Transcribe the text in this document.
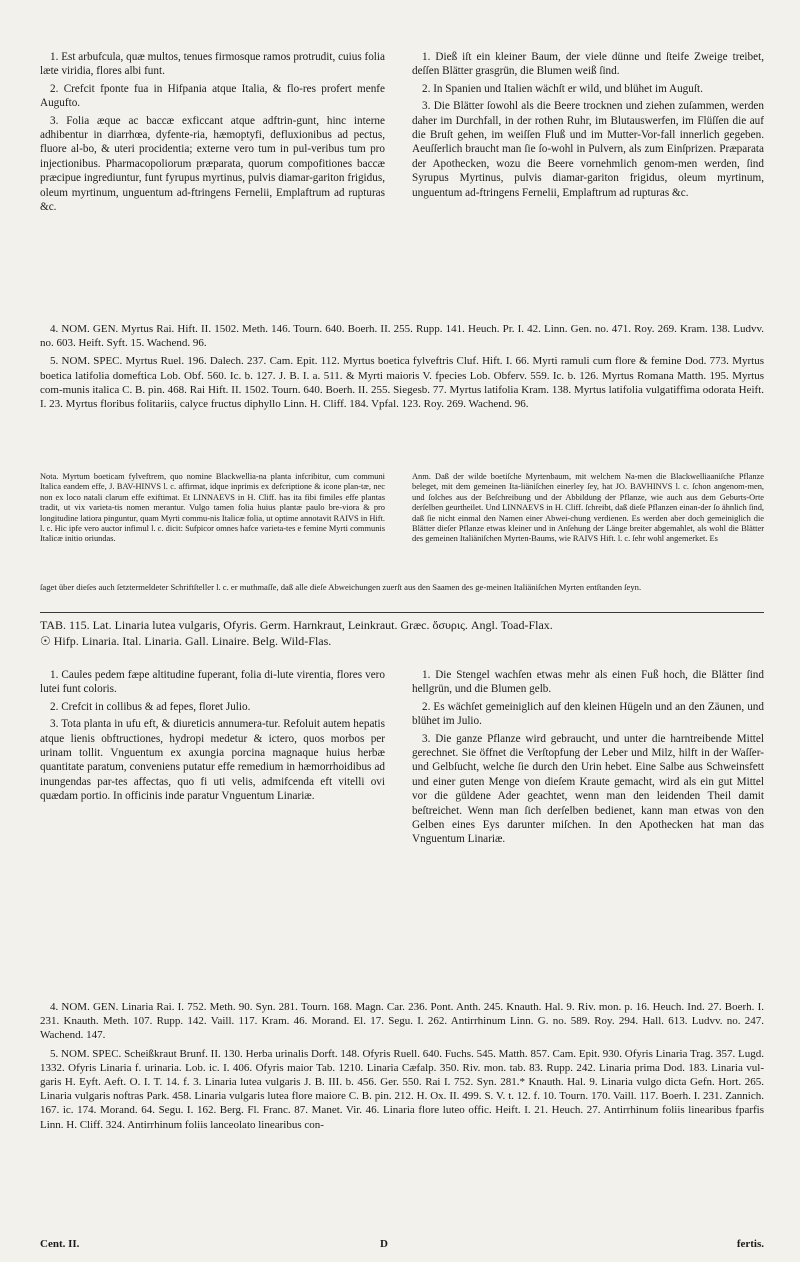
1. Est arbufcula, quæ multos, tenues firmosque ramos protrudit, cuius folia læte viridia, flores albi funt.

2. Crefcit fponte fua in Hifpania atque Italia, & flo-res profert menfe Augufto.

3. Folia æque ac baccæ exficcant atque adftrin-gunt, hinc interne adhibentur in diarrhœa, dyfente-ria, hæmoptyfi, defluxionibus ad pectus, fluore al-bo, & uteri procidentia; externe vero tum in pul-veribus tum pro injectionibus. Pharmacopoliorum præparata, quorum compofitiones baccæ præcipue ingrediuntur, funt fyrupus myrtinus, pulvis diamar-gariton frigidus, oleum myrtinum, unguentum ad-ftringens Fernelii, Emplaftrum ad rupturas &c.

1. Dieß iſt ein kleiner Baum, der viele dünne und ſteife Zweige treibet, deſſen Blätter grasgrün, die Blumen weiß ſind.

2. In Spanien und Italien wächſt er wild, und blühet im Auguſt.

3. Die Blätter ſowohl als die Beere trocknen und ziehen zuſammen, werden daher im Durchfall, in der rothen Ruhr, im Blutauswerfen, im Flüſſen die auf die Bruſt gehen, im weiſſen Fluß und im Mutter-Vor-fall innerlich gegeben. Aeuſſerlich braucht man ſie ſo-wohl in Pulvern, als zum Einſprizen. Præparata der Apothecken, wozu die Beere vornehmlich genom-men werden, ſind Syrupus Myrtinus, pulvis diamar-gariton frigidus, oleum myrtinum, unguentum ad-ftringens Fernelii, Emplaftrum ad rupturas &c.

4. NOM. GEN. Myrtus Rai. Hift. II. 1502. Meth. 146. Tourn. 640. Boerh. II. 255. Rupp. 141. Heuch. Pr. I. 42. Linn. Gen. no. 471. Roy. 269. Kram. 138. Ludvv. no. 603. Heift. Syft. 15. Wachend. 96.

5. NOM. SPEC. Myrtus Ruel. 196. Dalech. 237. Cam. Epit. 112. Myrtus boetica fylveftris Cluf. Hift. I. 66. Myrti ramuli cum flore & femine Dod. 773. Myrtus boetica latifolia domeftica Lob. Obf. 560. Ic. b. 127. J. B. I. a. 511. & Myrti maioris V. fpecies Lob. Obferv. 559. Ic. b. 126. Myrtus Romana Matth. 195. Myrtus com-munis italica C. B. pin. 468. Rai Hift. II. 1502. Tourn. 640. Boerh. II. 255. Siegesb. 77. Myrtus latifolia Kram. 138. Myrtus latifolia vulgatiffima odorata Heift. I. 23. Myrtus floribus folitariis, calyce fructus diphyllo Linn. H. Cliff. 184. Vpfal. 123. Roy. 269. Wachend. 96.

Nota. Myrtum boeticam fylveftrem, quo nomine Blackwellia-na planta infcribitur, cum communi Italica eandem effe, J. BAV-HINVS l. c. affirmat, idque inprimis ex defcriptione & icone plan-tæ, nec non ex loco natali clarum effe exiftimat. Et LINNAEVS in H. Cliff. has ita fibi fimiles effe plantas tradit, ut vix varieta-tis nomen merantur. Vulgo tamen folia huius plantæ paulo bre-viora & pro longitudine latiora pinguntur, quam Myrti commu-nis Italicæ folia, ut optime annotavit RAIVS in Hift. l. c. Hic ipfe vero auctor infimul l. c. dicit: Sufpicor omnes hafce varieta-tes e femine Myrti communis Italicæ initio oriundas.
Anm. Daß der wilde boetiſche Myrtenbaum, mit welchem Na-men die Blackwelliaaniſche Pflanze beleget, mit dem gemeinen Ita-liäniſchen einerley ſey, hat JO. BAVHINVS l. c. ſchon angenom-men, und ſolches aus der Beſchreibung und der Abbildung der Pflanze, wie auch aus dem Geburts-Orte derſelben geurtheilet. Und LINNAEVS in H. Cliff. ſchreibt, daß dieſe Pflanzen einan-der ſo ähnlich ſind, daß ſie nicht einmal den Namen einer Abwei-chung verdienen. Es werden aber doch gemeiniglich die Blätter dieſer Pflanze etwas kleiner und in Anſehung der Länge breiter abgemahlet, als wohl die Blätter des gemeinen Italiäniſchen Myrten-Baums, wie RAIVS Hift. l. c. ſehr wohl angemerket. Es
ſaget über dieſes auch ſetztermeldeter Schriftſteller l. c. er muthmaſſe, daß alle dieſe Abweichungen zuerſt aus den Saamen des ge-meinen Italiäniſchen Myrten entſtanden ſeyn.
TAB. 115. Lat. Linaria lutea vulgaris, Ofyris. Germ. Harnkraut, Leinkraut. Græc. ὄσυρις. Angl. Toad-Flax.
☉ Hifp. Linaria. Ital. Linaria. Gall. Linaire. Belg. Wild-Flas.

1. Caules pedem fæpe altitudine fuperant, folia di-lute virentia, flores vero lutei funt coloris.

2. Crefcit in collibus & ad fepes, floret Julio.

3. Tota planta in ufu eft, & diureticis annumera-tur. Refoluit autem hepatis atque lienis obftructiones, hydropi medetur & ictero, quos morbos per urinam tollit. Vnguentum ex axungia porcina magnaque huius herbæ quantitate paratum, conveniens putatur effe remedium in hæmorrhoidibus ad inungendas par-tes affectas, quo fi uti velis, admifcenda eft vitelli ovi quædam portio. In officinis inde paratur Vnguentum Linariæ.

1. Die Stengel wachſen etwas mehr als einen Fuß hoch, die Blätter ſind hellgrün, und die Blumen gelb.

2. Es wächſet gemeiniglich auf den kleinen Hügeln und an den Zäunen, und blühet im Julio.

3. Die ganze Pflanze wird gebraucht, und unter die harntreibende Mittel gerechnet. Sie öffnet die Verſtopfung der Leber und Milz, hilft in der Waſſer- und Gelbſucht, welche ſie durch den Urin hebet. Eine Salbe aus Schweinsfett und einer guten Menge von dieſem Kraute gemacht, wird als ein gut Mittel vor die güldene Ader geachtet, wenn man den leidenden Theil damit beſtreichet. Wenn man ſich derſelben bedienet, kann man etwas von den Gelben eines Eys darunter miſchen. In den Apothecken hat man das Vnguentum Linariæ.

4. NOM. GEN. Linaria Rai. I. 752. Meth. 90. Syn. 281. Tourn. 168. Magn. Car. 236. Pont. Anth. 245. Knauth. Hal. 9. Riv. mon. p. 16. Heuch. Ind. 27. Boerh. I. 231. Knauth. Meth. 107. Rupp. 142. Vaill. 117. Kram. 46. Morand. El. 17. Segu. I. 262. Antirrhinum Linn. G. no. 589. Roy. 294. Hall. 613. Ludvv. no. 247. Wachend. 147.

5. NOM. SPEC. Scheißkraut Brunf. II. 130. Herba urinalis Dorft. 148. Ofyris Ruell. 640. Fuchs. 545. Matth. 857. Cam. Epit. 930. Ofyris Linaria Trag. 357. Lugd. 1332. Ofyris Linaria f. urinaria. Lob. ic. I. 406. Ofyris maior Tab. 1210. Linaria Cæfalp. 350. Riv. mon. tab. 83. Rupp. 242. Linaria prima Dod. 183. Linaria vul-garis H. Eyft. Aeft. O. I. T. 14. f. 3. Linaria lutea vulgaris J. B. III. b. 456. Ger. 550. Rai I. 752. Syn. 281.* Knauth. Hal. 9. Linaria vulgo dicta Gefn. Hort. 265. Linaria vulgaris noftras Park. 458. Linaria vulgaris lutea flore maiore C. B. pin. 212. H. Ox. II. 499. S. V. t. 12. f. 10. Tourn. 170. Vaill. 117. Boerh. I. 231. Zannich. 167. ic. 174. Morand. 64. Segu. I. 162. Berg. Fl. Franc. 87. Manet. Vir. 46. Linaria flore luteo offic. Heift. I. 21. Heuch. 27. Antirrhinum foliis linearibus fparfis Linn. H. Cliff. 324. Antirrhinum foliis lanceolato linearibus con-

Cent. II.	D	fertis.
